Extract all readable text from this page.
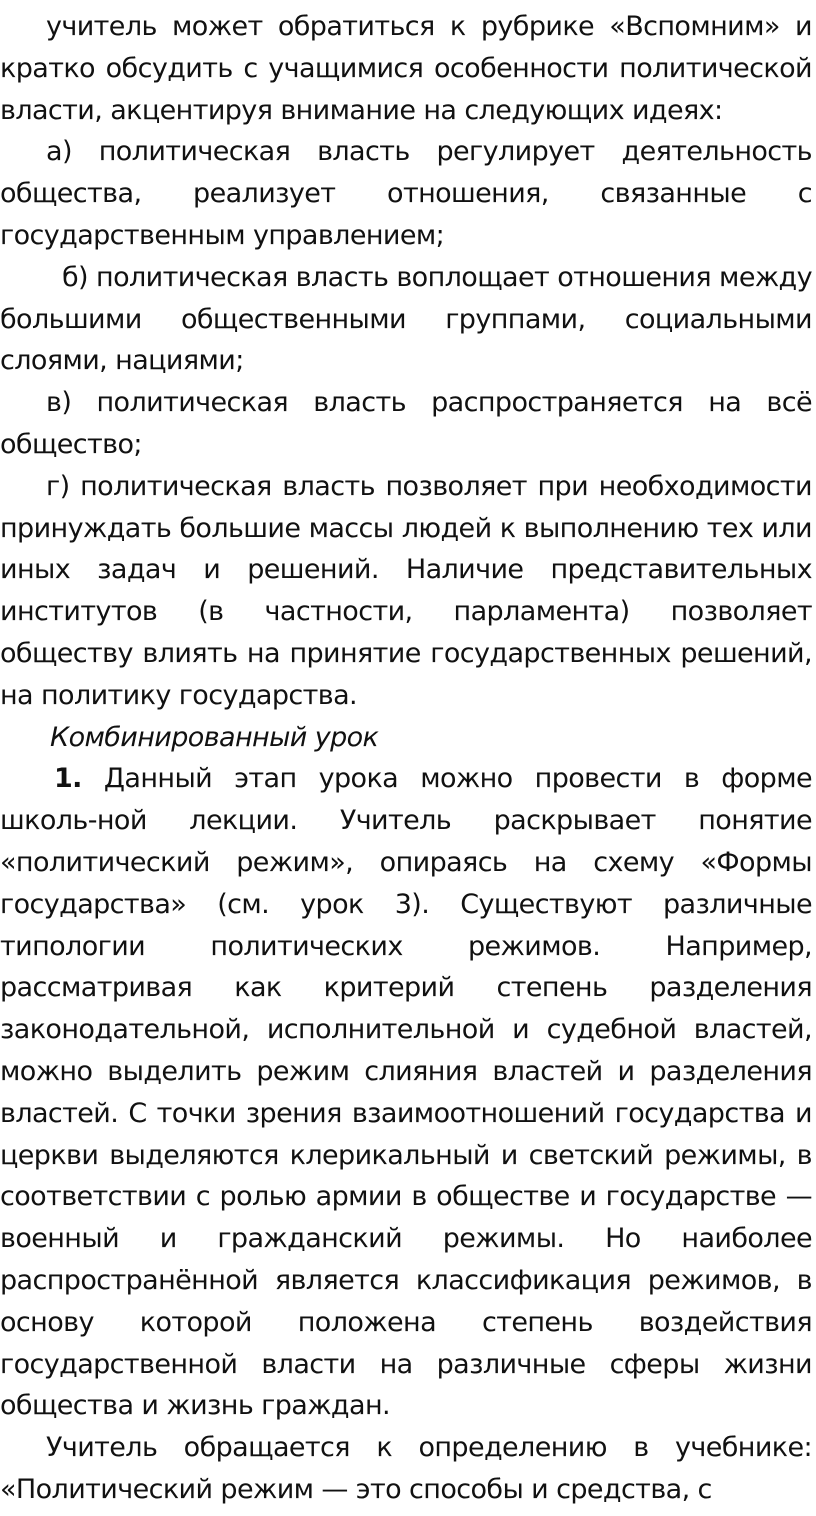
учитель может обратиться к рубрике «Вспомним» и кратко обсудить с учащимися особенности политической власти, акцентируя внимание на следующих идеях:

а) политическая власть регулирует деятельность общества, реализует отношения, связанные с государственным управлением;

б) политическая власть воплощает отношения между большими общественными группами, социальными слоями, нациями;

в) политическая власть распространяется на всё общество;

г) политическая власть позволяет при необходимости принуждать большие массы людей к выполнению тех или иных задач и решений. Наличие представительных институтов (в частности, парламента) позволяет обществу влиять на принятие государственных решений, на политику государства.

Комбинированный урок

1. Данный этап урока можно провести в форме школь-ной лекции. Учитель раскрывает понятие «политический режим», опираясь на схему «Формы государства» (см. урок 3). Существуют различные типологии политических режимов. Например, рассматривая как критерий степень разделения законодательной, исполнительной и судебной властей, можно выделить режим слияния властей и разделения властей. С точки зрения взаимоотношений государства и церкви выделяются клерикальный и светский режимы, в соответствии с ролью армии в обществе и государстве — военный и гражданский режимы. Но наиболее распространённой является классификация режимов, в основу которой положена степень воздействия государственной власти на различные сферы жизни общества и жизнь граждан.

Учитель обращается к определению в учебнике: «Политический режим — это способы и средства, с
